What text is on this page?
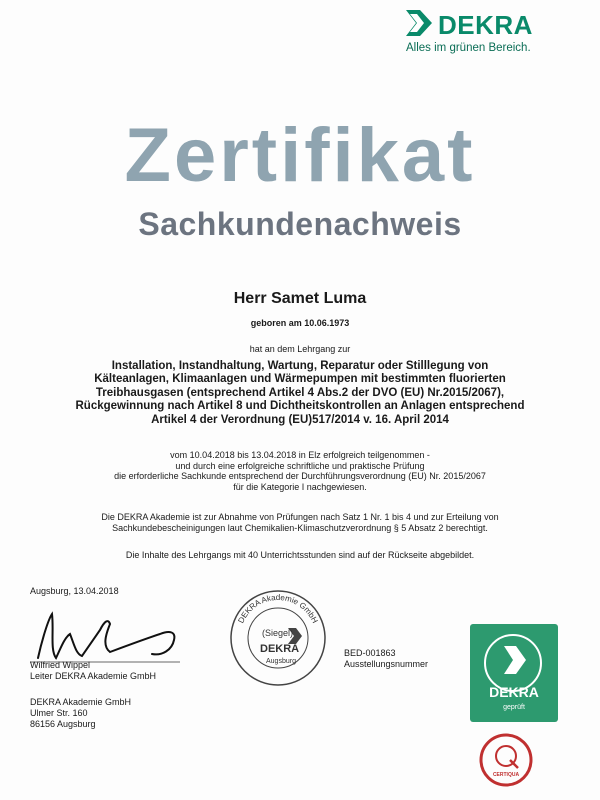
DEKRA
Alles im grünen Bereich.
Zertifikat
Sachkundenachweis
Herr Samet Luma
geboren am 10.06.1973
hat an dem Lehrgang zur
Installation, Instandhaltung, Wartung, Reparatur oder Stilllegung von
Kälteanlagen, Klimaanlagen und Wärmepumpen mit bestimmten fluorierten
Treibhausgasen (entsprechend Artikel 4 Abs.2 der DVO (EU) Nr.2015/2067),
Rückgewinnung nach Artikel 8 und Dichtheitskontrollen an Anlagen entsprechend
Artikel 4 der Verordnung (EU)517/2014 v. 16. April 2014
vom 10.04.2018 bis 13.04.2018 in Elz erfolgreich teilgenommen -
und durch eine erfolgreiche schriftliche und praktische Prüfung
die erforderliche Sachkunde entsprechend der Durchführungsverordnung (EU) Nr. 2015/2067
für die Kategorie I nachgewiesen.
Die DEKRA Akademie ist zur Abnahme von Prüfungen nach Satz 1 Nr. 1 bis 4 und zur Erteilung von
Sachkundebescheinigungen laut Chemikalien-Klimaschutzverordnung § 5 Absatz 2 berechtigt.
Die Inhalte des Lehrgangs mit 40 Unterrichtsstunden sind auf der Rückseite abgebildet.
Augsburg, 13.04.2018
Wilfried Wippel
Leiter DEKRA Akademie GmbH
DEKRA Akademie GmbH
Ulmer Str. 160
86156 Augsburg
DEKRA Akademie GmbH
(Siegel)
DEKRA
Augsburg
BED-001863
Ausstellungsnummer
DEKRA
geprüft
CERTIQUA
